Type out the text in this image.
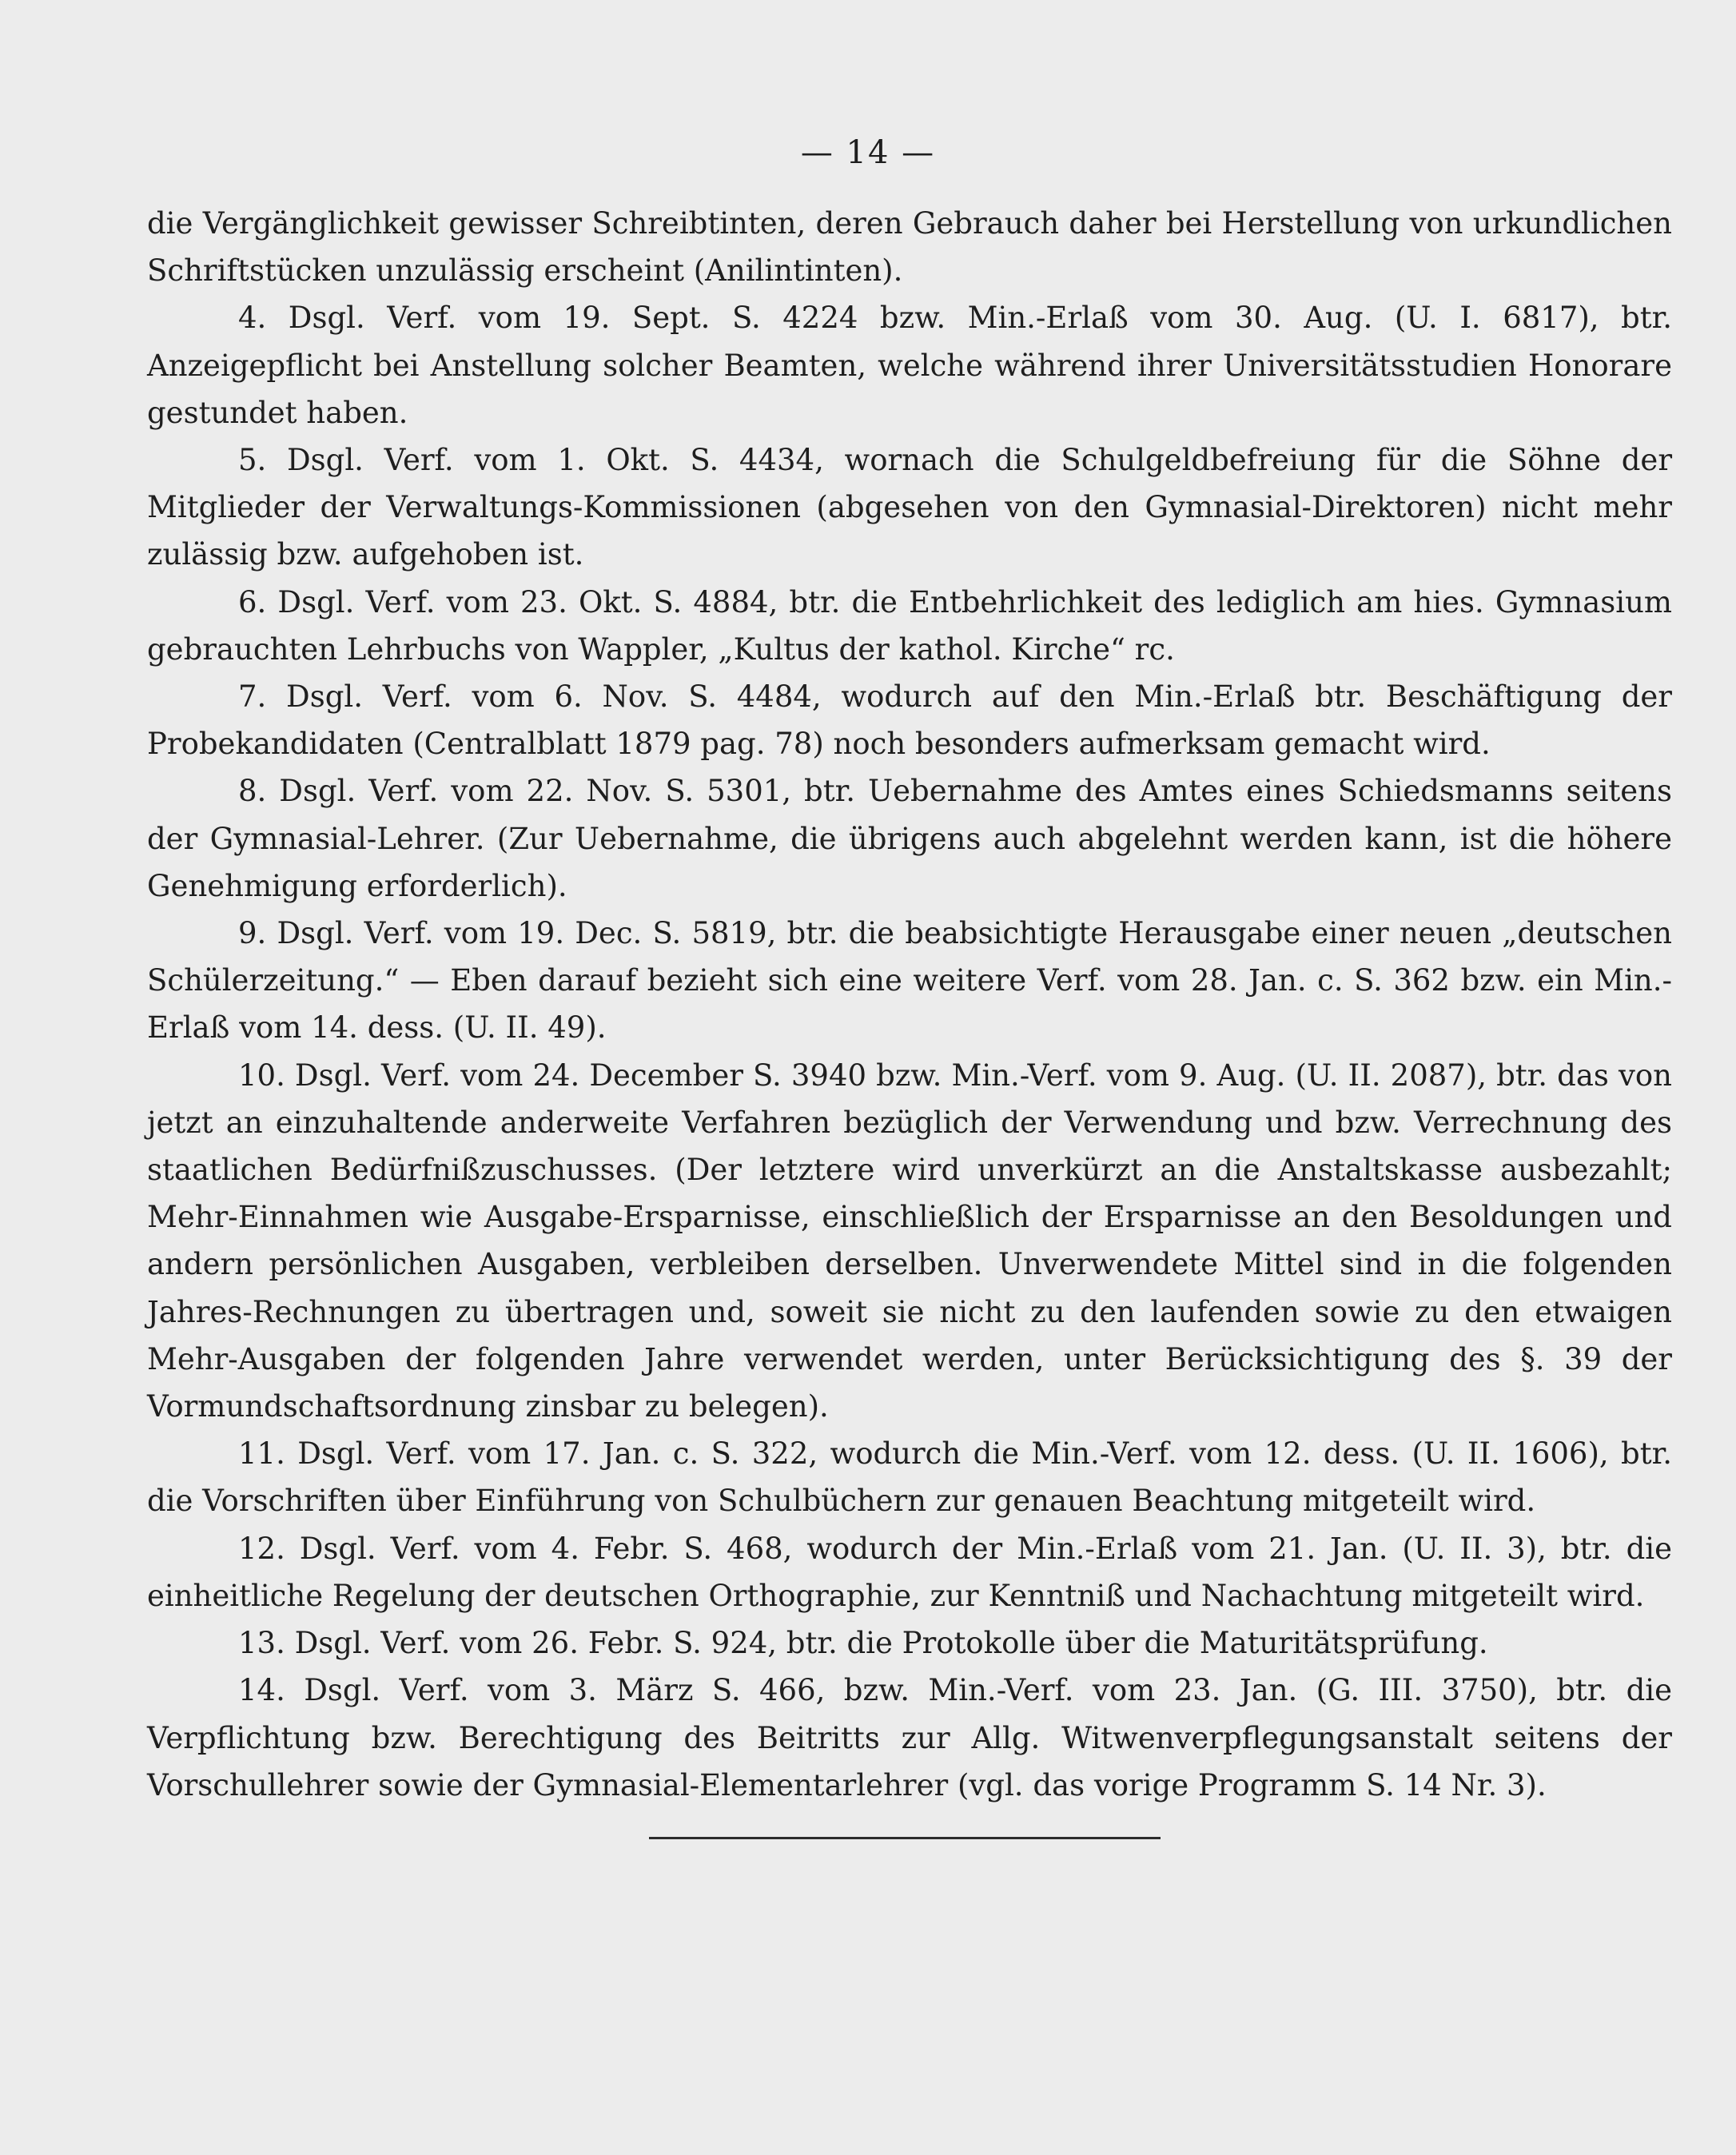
— 14 —

die Vergänglichkeit gewisser Schreibtinten, deren Gebrauch daher bei Herstellung von urkundlichen Schriftstücken unzulässig erscheint (Anilintinten).

4. Dsgl. Verf. vom 19. Sept. S. 4224 bzw. Min.-Erlaß vom 30. Aug. (U. I. 6817), btr. Anzeigepflicht bei Anstellung solcher Beamten, welche während ihrer Universitätsstudien Honorare gestundet haben.

5. Dsgl. Verf. vom 1. Okt. S. 4434, wornach die Schulgeldbefreiung für die Söhne der Mitglieder der Verwaltungs-Kommissionen (abgesehen von den Gymnasial-Direktoren) nicht mehr zulässig bzw. aufgehoben ist.

6. Dsgl. Verf. vom 23. Okt. S. 4884, btr. die Entbehrlichkeit des lediglich am hies. Gymnasium gebrauchten Lehrbuchs von Wappler, „Kultus der kathol. Kirche“ rc.

7. Dsgl. Verf. vom 6. Nov. S. 4484, wodurch auf den Min.-Erlaß btr. Beschäftigung der Probekandidaten (Centralblatt 1879 pag. 78) noch besonders aufmerksam gemacht wird.

8. Dsgl. Verf. vom 22. Nov. S. 5301, btr. Uebernahme des Amtes eines Schiedsmanns seitens der Gymnasial-Lehrer. (Zur Uebernahme, die übrigens auch abgelehnt werden kann, ist die höhere Genehmigung erforderlich).

9. Dsgl. Verf. vom 19. Dec. S. 5819, btr. die beabsichtigte Herausgabe einer neuen „deutschen Schülerzeitung.“ — Eben darauf bezieht sich eine weitere Verf. vom 28. Jan. c. S. 362 bzw. ein Min.-Erlaß vom 14. dess. (U. II. 49).

10. Dsgl. Verf. vom 24. December S. 3940 bzw. Min.-Verf. vom 9. Aug. (U. II. 2087), btr. das von jetzt an einzuhaltende anderweite Verfahren bezüglich der Verwendung und bzw. Verrechnung des staatlichen Bedürfnißzuschusses. (Der letztere wird unverkürzt an die Anstaltskasse ausbezahlt; Mehr-Einnahmen wie Ausgabe-Ersparnisse, einschließlich der Ersparnisse an den Besoldungen und andern persönlichen Ausgaben, verbleiben derselben. Unverwendete Mittel sind in die folgenden Jahres-Rechnungen zu übertragen und, soweit sie nicht zu den laufenden sowie zu den etwaigen Mehr-Ausgaben der folgenden Jahre verwendet werden, unter Berücksichtigung des §. 39 der Vormundschaftsordnung zinsbar zu belegen).

11. Dsgl. Verf. vom 17. Jan. c. S. 322, wodurch die Min.-Verf. vom 12. dess. (U. II. 1606), btr. die Vorschriften über Einführung von Schulbüchern zur genauen Beachtung mitgeteilt wird.

12. Dsgl. Verf. vom 4. Febr. S. 468, wodurch der Min.-Erlaß vom 21. Jan. (U. II. 3), btr. die einheitliche Regelung der deutschen Orthographie, zur Kenntniß und Nachachtung mitgeteilt wird.

13. Dsgl. Verf. vom 26. Febr. S. 924, btr. die Protokolle über die Maturitätsprüfung.

14. Dsgl. Verf. vom 3. März S. 466, bzw. Min.-Verf. vom 23. Jan. (G. III. 3750), btr. die Verpflichtung bzw. Berechtigung des Beitritts zur Allg. Witwenverpflegungsanstalt seitens der Vorschullehrer sowie der Gymnasial-Elementarlehrer (vgl. das vorige Programm S. 14 Nr. 3).
